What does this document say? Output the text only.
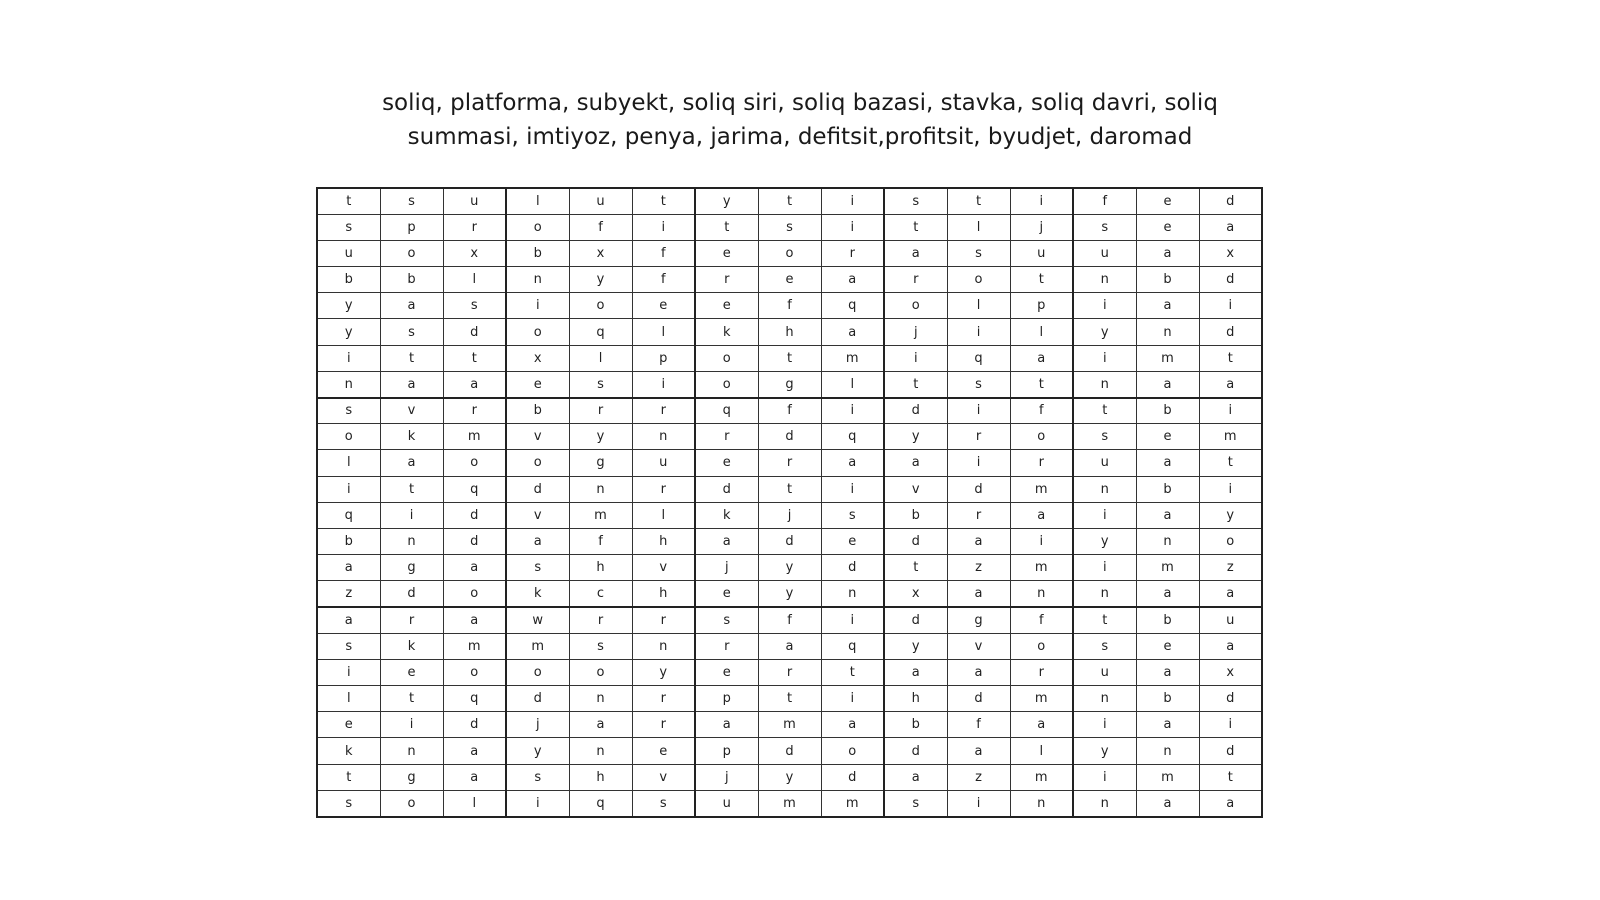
soliq, platforma, subyekt, soliq siri, soliq bazasi, stavka, soliq davri, soliq
summasi, imtiyoz, penya, jarima, defitsit,profitsit, byudjet, daromad

t	s	u	l	u	t	y	t	i	s	t	i	f	e	d
s	p	r	o	f	i	t	s	i	t	l	j	s	e	a
u	o	x	b	x	f	e	o	r	a	s	u	u	a	x
b	b	l	n	y	f	r	e	a	r	o	t	n	b	d
y	a	s	i	o	e	e	f	q	o	l	p	i	a	i
y	s	d	o	q	l	k	h	a	j	i	l	y	n	d
i	t	t	x	l	p	o	t	m	i	q	a	i	m	t
n	a	a	e	s	i	o	g	l	t	s	t	n	a	a
s	v	r	b	r	r	q	f	i	d	i	f	t	b	i
o	k	m	v	y	n	r	d	q	y	r	o	s	e	m
l	a	o	o	g	u	e	r	a	a	i	r	u	a	t
i	t	q	d	n	r	d	t	i	v	d	m	n	b	i
q	i	d	v	m	l	k	j	s	b	r	a	i	a	y
b	n	d	a	f	h	a	d	e	d	a	i	y	n	o
a	g	a	s	h	v	j	y	d	t	z	m	i	m	z
z	d	o	k	c	h	e	y	n	x	a	n	n	a	a
a	r	a	w	r	r	s	f	i	d	g	f	t	b	u
s	k	m	m	s	n	r	a	q	y	v	o	s	e	a
i	e	o	o	o	y	e	r	t	a	a	r	u	a	x
l	t	q	d	n	r	p	t	i	h	d	m	n	b	d
e	i	d	j	a	r	a	m	a	b	f	a	i	a	i
k	n	a	y	n	e	p	d	o	d	a	l	y	n	d
t	g	a	s	h	v	j	y	d	a	z	m	i	m	t
s	o	l	i	q	s	u	m	m	s	i	n	n	a	a
